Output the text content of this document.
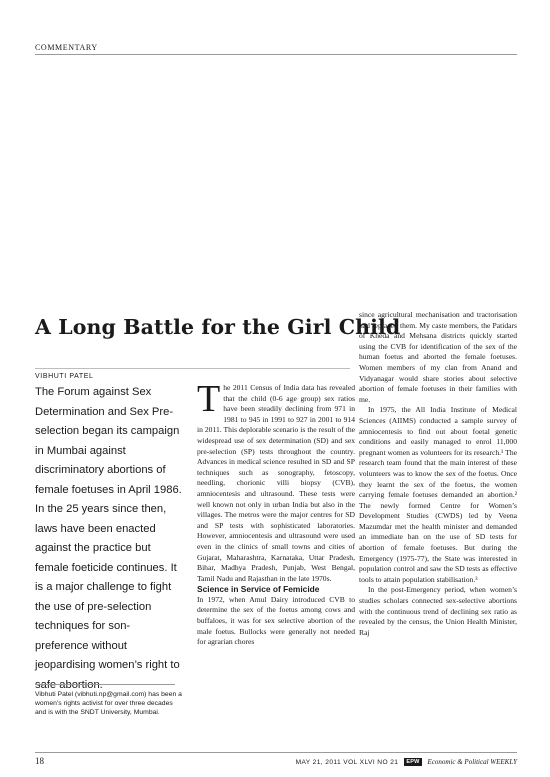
COMMENTARY
A Long Battle for the Girl Child
VIBHUTI PATEL

The Forum against Sex Determination and Sex Pre-selection began its campaign in Mumbai against discriminatory abortions of female foetuses in April 1986. In the 25 years since then, laws have been enacted against the practice but female foeticide continues. It is a major challenge to fight the use of pre-selection techniques for son-preference without jeopardising women’s right to safe abortion.

Vibhuti Patel (vibhuti.np@gmail.com) has been a women’s rights activist for over three decades and is with the SNDT University, Mumbai.

The 2011 Census of India data has revealed that the child (0-6 age group) sex ratios have been steadily declining from 971 in 1981 to 945 in 1991 to 927 in 2001 to 914 in 2011. This deplorable scenario is the result of the widespread use of sex determination (SD) and sex pre-selection (SP) tests throughout the country. Advances in medical science resulted in SD and SP techniques such as sonography, fetoscopy, needling, chorionic villi biopsy (CVB), amniocentesis and ultrasound. These tests were well known not only in urban India but also in the villages. The metros were the major centres for SD and SP tests with sophisticated laboratories. However, amniocentesis and ultrasound were used even in the clinics of small towns and cities of Gujarat, Maharashtra, Karnataka, Uttar Pradesh, Bihar, Madhya Pradesh, Punjab, West Bengal, Tamil Nadu and Rajasthan in the late 1970s.

Science in Service of Femicide

In 1972, when Amul Dairy introduced CVB to determine the sex of the foetus among cows and buffaloes, it was for sex selective abortion of the male foetus. Bullocks were generally not needed for agrarian chores

since agricultural mechanisation and tractorisation had replaced them. My caste members, the Patidars of Kheda and Mehsana districts quickly started using the CVB for identification of the sex of the human foetus and aborted the female foetuses. Women members of my clan from Anand and Vidyanagar would share stories about selective abortion of female foetuses in their families with me.

In 1975, the All India Institute of Medical Sciences (AIIMS) conducted a sample survey of amniocentesis to find out about foetal genetic conditions and easily managed to enrol 11,000 pregnant women as volunteers for its research.¹ The research team found that the main interest of these volunteers was to know the sex of the foetus. Once they learnt the sex of the foetus, the women carrying female foetuses demanded an abortion.² The newly formed Centre for Women’s Development Studies (CWDS) led by Veena Mazumdar met the health minister and demanded an immediate ban on the use of SD tests for abortion of female foetuses. But during the Emergency (1975-77), the State was interested in population control and saw the SD tests as effective tools to attain population stabilisation.³

In the post-Emergency period, when women’s studies scholars connected sex-selective abortions with the continuous trend of declining sex ratio as revealed by the census, the Union Health Minister, Raj

18	MAY 21, 2011 VOL XLVI NO 21	EPW Economic & Political WEEKLY
